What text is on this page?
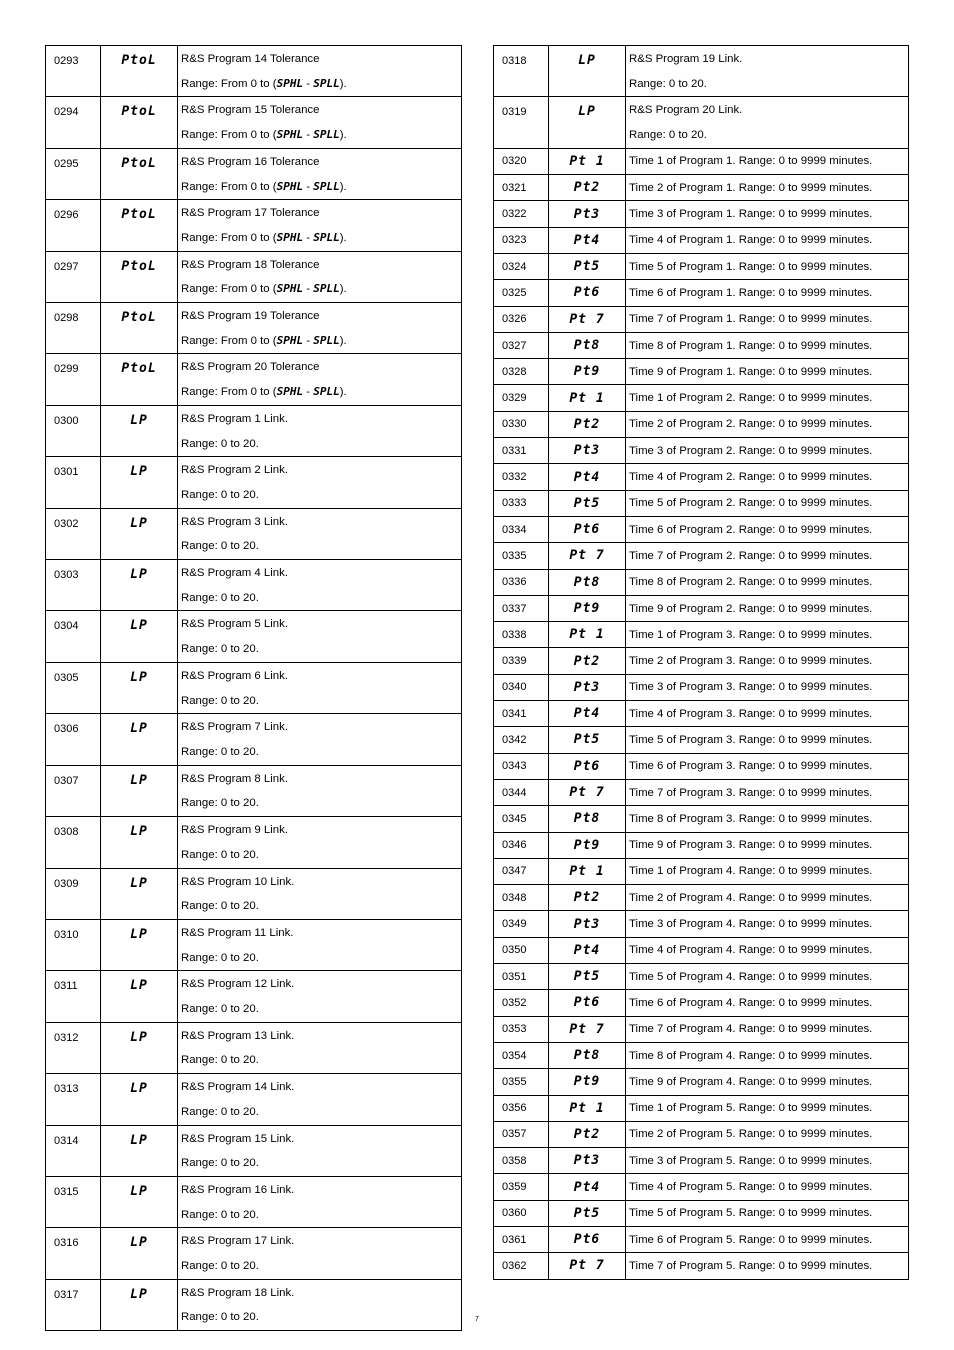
0293	PtoL	R&S Program 14 Tolerance
Range: From 0 to (SPHL - SPLL).

0294	PtoL	R&S Program 15 Tolerance
Range: From 0 to (SPHL - SPLL).

0295	PtoL	R&S Program 16 Tolerance
Range: From 0 to (SPHL - SPLL).

0296	PtoL	R&S Program 17 Tolerance
Range: From 0 to (SPHL - SPLL).

0297	PtoL	R&S Program 18 Tolerance
Range: From 0 to (SPHL - SPLL).

0298	PtoL	R&S Program 19 Tolerance
Range: From 0 to (SPHL - SPLL).

0299	PtoL	R&S Program 20 Tolerance
Range: From 0 to (SPHL - SPLL).

0300	LP	R&S Program 1 Link.
Range: 0 to 20.

0301	LP	R&S Program 2 Link.
Range: 0 to 20.

0302	LP	R&S Program 3 Link.
Range: 0 to 20.

0303	LP	R&S Program 4 Link.
Range: 0 to 20.

0304	LP	R&S Program 5 Link.
Range: 0 to 20.

0305	LP	R&S Program 6 Link.
Range: 0 to 20.

0306	LP	R&S Program 7 Link.
Range: 0 to 20.

0307	LP	R&S Program 8 Link.
Range: 0 to 20.

0308	LP	R&S Program 9 Link.
Range: 0 to 20.

0309	LP	R&S Program 10 Link.
Range: 0 to 20.

0310	LP	R&S Program 11 Link.
Range: 0 to 20.

0311	LP	R&S Program 12 Link.
Range: 0 to 20.

0312	LP	R&S Program 13 Link.
Range: 0 to 20.

0313	LP	R&S Program 14 Link.
Range: 0 to 20.

0314	LP	R&S Program 15 Link.
Range: 0 to 20.

0315	LP	R&S Program 16 Link.
Range: 0 to 20.

0316	LP	R&S Program 17 Link.
Range: 0 to 20.

0317	LP	R&S Program 18 Link.
Range: 0 to 20.
0318	LP	R&S Program 19 Link.
Range: 0 to 20.

0319	LP	R&S Program 20 Link.
Range: 0 to 20.

0320	Pt 1	Time 1 of Program 1. Range: 0 to 9999 minutes.
0321	Pt2	Time 2 of Program 1. Range: 0 to 9999 minutes.
0322	Pt3	Time 3 of Program 1. Range: 0 to 9999 minutes.
0323	Pt4	Time 4 of Program 1. Range: 0 to 9999 minutes.
0324	Pt5	Time 5 of Program 1. Range: 0 to 9999 minutes.
0325	Pt6	Time 6 of Program 1. Range: 0 to 9999 minutes.
0326	Pt 7	Time 7 of Program 1. Range: 0 to 9999 minutes.
0327	Pt8	Time 8 of Program 1. Range: 0 to 9999 minutes.
0328	Pt9	Time 9 of Program 1. Range: 0 to 9999 minutes.
0329	Pt 1	Time 1 of Program 2. Range: 0 to 9999 minutes.
0330	Pt2	Time 2 of Program 2. Range: 0 to 9999 minutes.
0331	Pt3	Time 3 of Program 2. Range: 0 to 9999 minutes.
0332	Pt4	Time 4 of Program 2. Range: 0 to 9999 minutes.
0333	Pt5	Time 5 of Program 2. Range: 0 to 9999 minutes.
0334	Pt6	Time 6 of Program 2. Range: 0 to 9999 minutes.
0335	Pt 7	Time 7 of Program 2. Range: 0 to 9999 minutes.
0336	Pt8	Time 8 of Program 2. Range: 0 to 9999 minutes.
0337	Pt9	Time 9 of Program 2. Range: 0 to 9999 minutes.
0338	Pt 1	Time 1 of Program 3. Range: 0 to 9999 minutes.
0339	Pt2	Time 2 of Program 3. Range: 0 to 9999 minutes.
0340	Pt3	Time 3 of Program 3. Range: 0 to 9999 minutes.
0341	Pt4	Time 4 of Program 3. Range: 0 to 9999 minutes.
0342	Pt5	Time 5 of Program 3. Range: 0 to 9999 minutes.
0343	Pt6	Time 6 of Program 3. Range: 0 to 9999 minutes.
0344	Pt 7	Time 7 of Program 3. Range: 0 to 9999 minutes.
0345	Pt8	Time 8 of Program 3. Range: 0 to 9999 minutes.
0346	Pt9	Time 9 of Program 3. Range: 0 to 9999 minutes.
0347	Pt 1	Time 1 of Program 4. Range: 0 to 9999 minutes.
0348	Pt2	Time 2 of Program 4. Range: 0 to 9999 minutes.
0349	Pt3	Time 3 of Program 4. Range: 0 to 9999 minutes.
0350	Pt4	Time 4 of Program 4. Range: 0 to 9999 minutes.
0351	Pt5	Time 5 of Program 4. Range: 0 to 9999 minutes.
0352	Pt6	Time 6 of Program 4. Range: 0 to 9999 minutes.
0353	Pt 7	Time 7 of Program 4. Range: 0 to 9999 minutes.
0354	Pt8	Time 8 of Program 4. Range: 0 to 9999 minutes.
0355	Pt9	Time 9 of Program 4. Range: 0 to 9999 minutes.
0356	Pt 1	Time 1 of Program 5. Range: 0 to 9999 minutes.
0357	Pt2	Time 2 of Program 5. Range: 0 to 9999 minutes.
0358	Pt3	Time 3 of Program 5. Range: 0 to 9999 minutes.
0359	Pt4	Time 4 of Program 5. Range: 0 to 9999 minutes.
0360	Pt5	Time 5 of Program 5. Range: 0 to 9999 minutes.
0361	Pt6	Time 6 of Program 5. Range: 0 to 9999 minutes.
0362	Pt 7	Time 7 of Program 5. Range: 0 to 9999 minutes.
7
